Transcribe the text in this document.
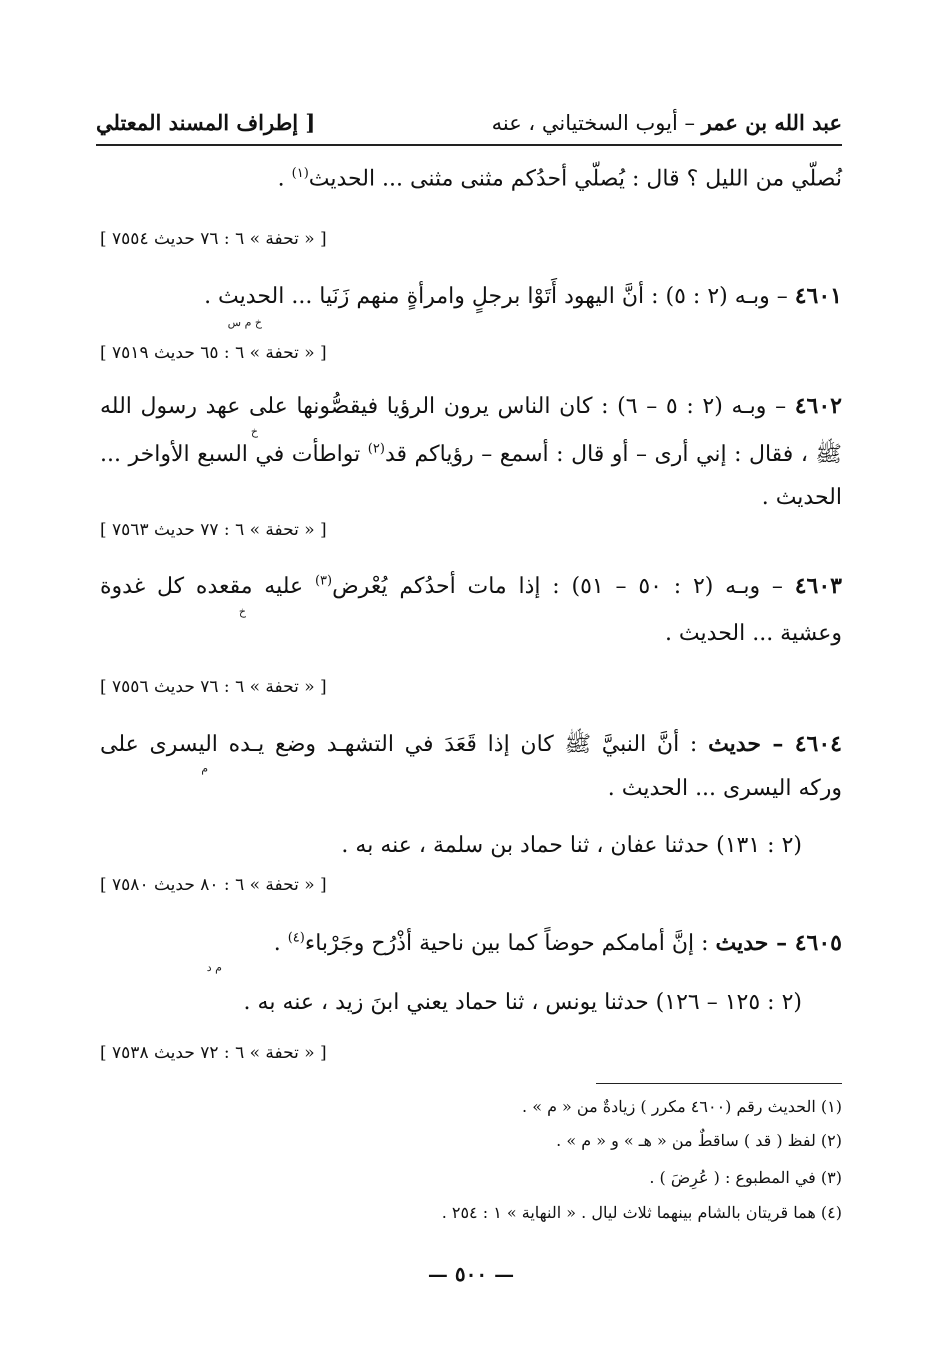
عبد الله بن عمر – أيوب السختياني ، عنه
[ إطراف المسند المعتلي
نُصلّي من الليل ؟ قال : يُصلّي أحدُكم مثنى مثنى ... الحديث$^{(١)}$ .
[ « تحفة » ٦ : ٧٦ حديث ٧٥٥٤ ]
٤٦٠١ – وبـه (٢ : ٥) : أنَّ اليهود أَتَوْا برجلٍ وامرأةٍ منهم زَنَيا ... الحديث .
خ م س
[ « تحفة » ٦ : ٦٥ حديث ٧٥١٩ ]
٤٦٠٢ – وبـه (٢ : ٥ – ٦) : كان الناس يرون الرؤيا فيقصُّونها على عهد رسول الله
خ
ﷺ ، فقال : إني أرى – أو قال : أسمع – رؤياكم قد$^{(٢)}$ تواطأت في السبع الأواخر ...
الحديث .
[ « تحفة » ٦ : ٧٧ حديث ٧٥٦٣ ]
٤٦٠٣ – وبـه (٢ : ٥٠ – ٥١) : إذا مات أحدُكم يُعْرض$^{(٣)}$ عليه مقعده كل غدوة
خ
وعشية ... الحديث .
[ « تحفة » ٦ : ٧٦ حديث ٧٥٥٦ ]
٤٦٠٤ – حديث : أنَّ النبيَّ ﷺ كان إذا قَعَدَ في التشهـد وضع يـده اليسرى على
م
وركه اليسرى ... الحديث .
(٢ : ١٣١) حدثنا عفان ، ثنا حماد بن سلمة ، عنه به .
[ « تحفة » ٦ : ٨٠ حديث ٧٥٨٠ ]
٤٦٠٥ – حديث : إنَّ أمامكم حوضاً كما بين ناحية أذْرُح وجَرْباء$^{(٤)}$ .
م د
(٢ : ١٢٥ – ١٢٦) حدثنا يونس ، ثنا حماد يعني ابنَ زيد ، عنه به .
[ « تحفة » ٦ : ٧٢ حديث ٧٥٣٨ ]
(١) الحديث رقم (٤٦٠٠ مكرر ) زيادةٌ من « م » .
(٢) لفظ ( قد ) ساقطٌ من « هـ » و « م » .
(٣) في المطبوع : ( عُرِضَ ) .
(٤) هما قريتان بالشام بينهما ثلاث ليال . « النهاية » ١ : ٢٥٤ .
— ٥٠٠ —
